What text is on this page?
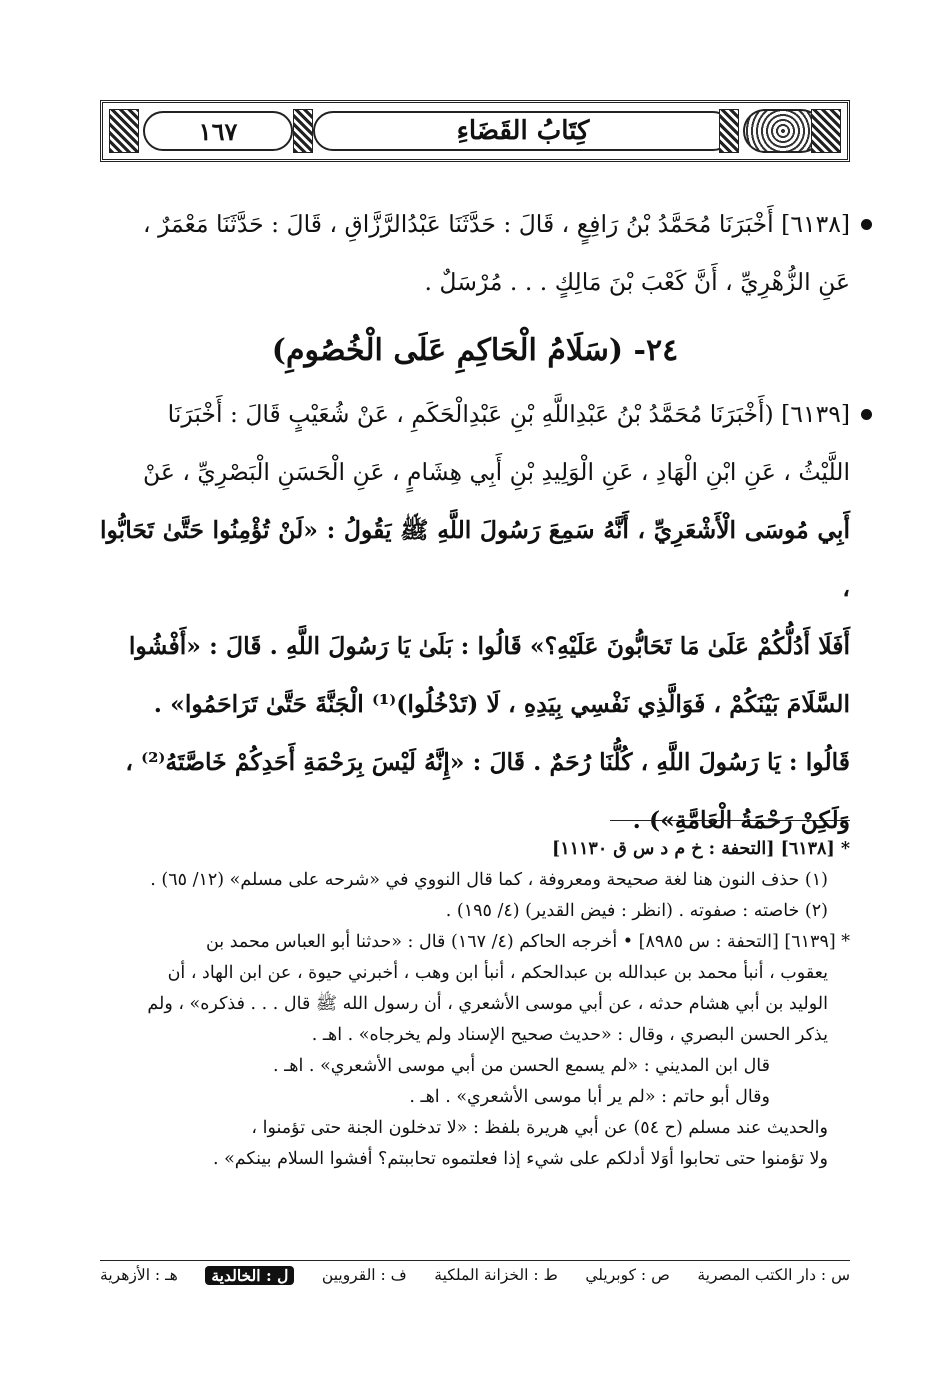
١٦٧	كِتَابُ القَضَاءِ
[٦١٣٨] أَخْبَرَنَا مُحَمَّدُ بْنُ رَافِعٍ ، قَالَ : حَدَّثَنَا عَبْدُالرَّزَّاقِ ، قَالَ : حَدَّثَنَا مَعْمَرٌ ،
عَنِ الزُّهْرِيِّ ، أَنَّ كَعْبَ بْنَ مَالِكٍ . . . مُرْسَلٌ .
٢٤- (سَلَامُ الْحَاكِمِ عَلَى الْخُصُومِ)
[٦١٣٩] (أَخْبَرَنَا مُحَمَّدُ بْنُ عَبْدِاللَّهِ بْنِ عَبْدِالْحَكَمِ ، عَنْ شُعَيْبٍ قَالَ : أَخْبَرَنَا
اللَّيْثُ ، عَنِ ابْنِ الْهَادِ ، عَنِ الْوَلِيدِ بْنِ أَبِي هِشَامٍ ، عَنِ الْحَسَنِ الْبَصْرِيِّ ، عَنْ
أَبِي مُوسَى الْأَشْعَرِيِّ ، أَنَّهُ سَمِعَ رَسُولَ اللَّهِ ﷺ يَقُولُ : «لَنْ تُؤْمِنُوا حَتَّىٰ تَحَابُّوا ،
أَفَلَا أَدُلُّكُمْ عَلَىٰ مَا تَحَابُّونَ عَلَيْهِ؟» قَالُوا : بَلَىٰ يَا رَسُولَ اللَّهِ . قَالَ : «أَفْشُوا
السَّلَامَ بَيْنَكُمْ ، فَوَالَّذِي نَفْسِي بِيَدِهِ ، لَا (تَدْخُلُوا)⁽¹⁾ الْجَنَّةَ حَتَّىٰ تَرَاحَمُوا» .
قَالُوا : يَا رَسُولَ اللَّهِ ، كُلُّنَا رُحَمٌ . قَالَ : «إِنَّهُ لَيْسَ بِرَحْمَةِ أَحَدِكُمْ خَاصَّتَهُ⁽²⁾ ،
وَلَكِنْ رَحْمَةُ الْعَامَّةِ») .

* [٦١٣٨] [التحفة : خ م د س ق ١١١٣٠]

(١) حذف النون هنا لغة صحيحة ومعروفة ، كما قال النووي في «شرحه على مسلم» (١٢/ ٦٥) .

(٢) خاصته : صفوته . (انظر : فيض القدير) (٤/ ١٩٥) .

* [٦١٣٩] [التحفة : س ٨٩٨٥] • أخرجه الحاكم (٤/ ١٦٧) قال : «حدثنا أبو العباس محمد بن

يعقوب ، أنبأ محمد بن عبدالله بن عبدالحكم ، أنبأ ابن وهب ، أخبرني حيوة ، عن ابن الهاد ، أن

الوليد بن أبي هشام حدثه ، عن أبي موسى الأشعري ، أن رسول الله ﷺ قال . . . فذكره» ، ولم

يذكر الحسن البصري ، وقال : «حديث صحيح الإسناد ولم يخرجاه» . اهـ .

قال ابن المديني : «لم يسمع الحسن من أبي موسى الأشعري» . اهـ .

وقال أبو حاتم : «لم ير أبا موسى الأشعري» . اهـ .

والحديث عند مسلم (ح ٥٤) عن أبي هريرة بلفظ : «لا تدخلون الجنة حتى تؤمنوا ،

ولا تؤمنوا حتى تحابوا أوَلا أدلكم على شيء إذا فعلتموه تحاببتم؟ أفشوا السلام بينكم» .

س : دار الكتب المصرية
ص : كوبريلي
ط : الخزانة الملكية
ف : القرويين
ل : الخالدية
هـ : الأزهرية
